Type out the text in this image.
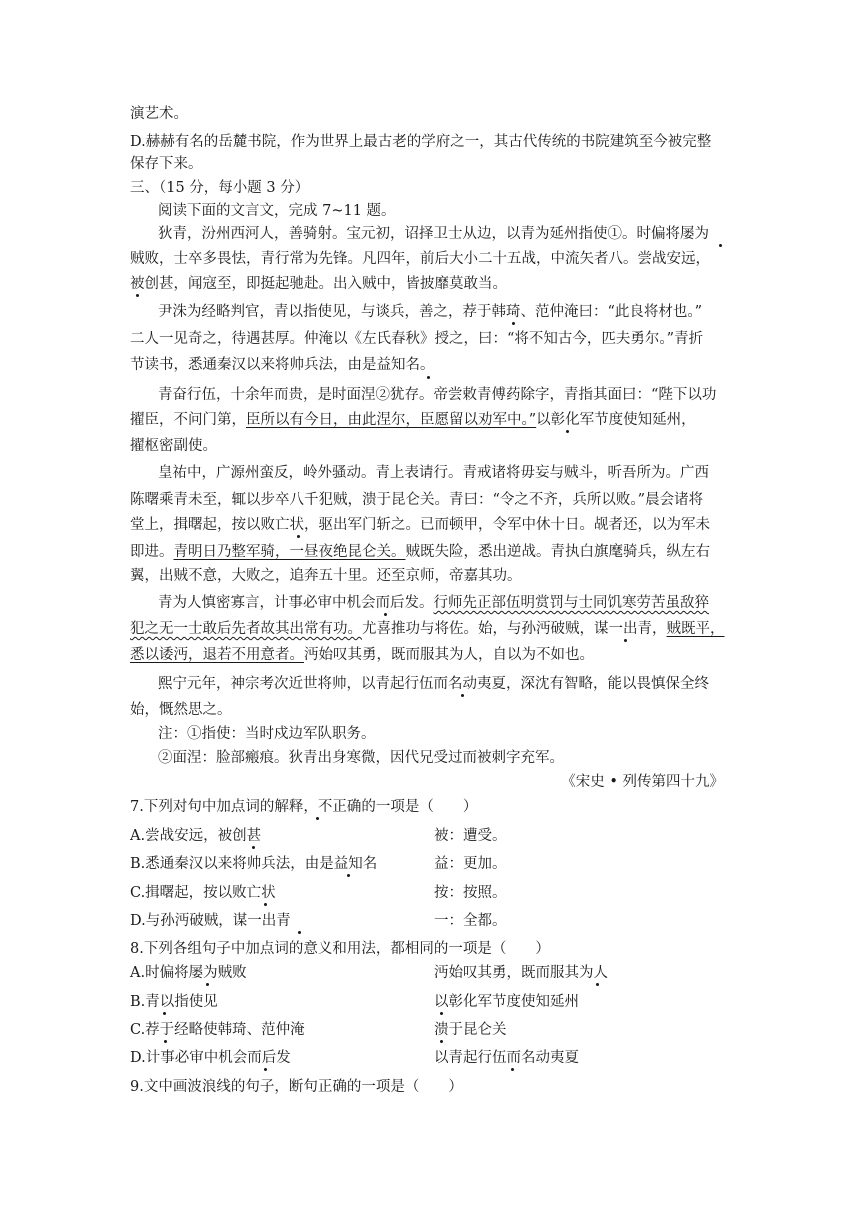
演艺术。
D.赫赫有名的岳麓书院，作为世界上最古老的学府之一，其古代传统的书院建筑至今被完整
保存下来。
三、（15 分，每小题 3 分）
阅读下面的文言文，完成 7~11 题。
狄青，汾州西河人，善骑射。宝元初，诏择卫士从边，以青为延州指使①。时偏将屡为
贼败，士卒多畏怯，青行常为先锋。凡四年，前后大小二十五战，中流矢者八。尝战安远，
被创甚，闻寇至，即挺起驰赴。出入贼中，皆披靡莫敢当。
尹洙为经略判官，青以指使见，与谈兵，善之，荐于韩琦、范仲淹曰：“此良将材也。”
二人一见奇之，待遇甚厚。仲淹以《左氏春秋》授之，曰：“将不知古今，匹夫勇尔。”青折
节读书，悉通秦汉以来将帅兵法，由是益知名。
青奋行伍，十余年而贵，是时面涅②犹存。帝尝敕青傅药除字，青指其面曰：“陛下以功
擢臣，不问门第，臣所以有今日，由此涅尔，臣愿留以劝军中。”以彰化军节度使知延州，
擢枢密副使。
皇祐中，广源州蛮反，岭外骚动。青上表请行。青戒诸将毋妄与贼斗，听吾所为。广西
陈曙乘青未至，辄以步卒八千犯贼，溃于昆仑关。青曰：“令之不齐，兵所以败。”晨会诸将
堂上，揖曙起，按以败亡状，驱出军门斩之。已而顿甲，令军中休十日。觇者还，以为军未
即进。青明日乃整军骑，一昼夜绝昆仑关。贼既失险，悉出逆战。青执白旗麾骑兵，纵左右
翼，出贼不意，大败之，追奔五十里。还至京师，帝嘉其功。
青为人慎密寡言，计事必审中机会而后发。行师先正部伍明赏罚与士同饥寒劳苦虽敌猝
犯之无一士敢后先者故其出常有功。尤喜推功与将佐。始，与孙沔破贼，谋一出青，贼既平，
悉以诿沔，退若不用意者。沔始叹其勇，既而服其为人，自以为不如也。
熙宁元年，神宗考次近世将帅，以青起行伍而名动夷夏，深沈有智略，能以畏慎保全终
始，慨然思之。
注：①指使：当时戍边军队职务。
②面涅：脸部瘢痕。狄青出身寒微，因代兄受过而被刺字充军。
《宋史 • 列传第四十九》
7.下列对句中加点词的解释，不正确的一项是（　　）
A.尝战安远，被创甚	被：遭受。
B.悉通秦汉以来将帅兵法，由是益知名	益：更加。
C.揖曙起，按以败亡状	按：按照。
D.与孙沔破贼，谋一出青	一：全都。
8.下列各组句子中加点词的意义和用法，都相同的一项是（　　）
A.时偏将屡为贼败	沔始叹其勇，既而服其为人
B.青以指使见	以彰化军节度使知延州
C.荐于经略使韩琦、范仲淹	溃于昆仑关
D.计事必审中机会而后发	以青起行伍而名动夷夏
9.文中画波浪线的句子，断句正确的一项是（　　）
